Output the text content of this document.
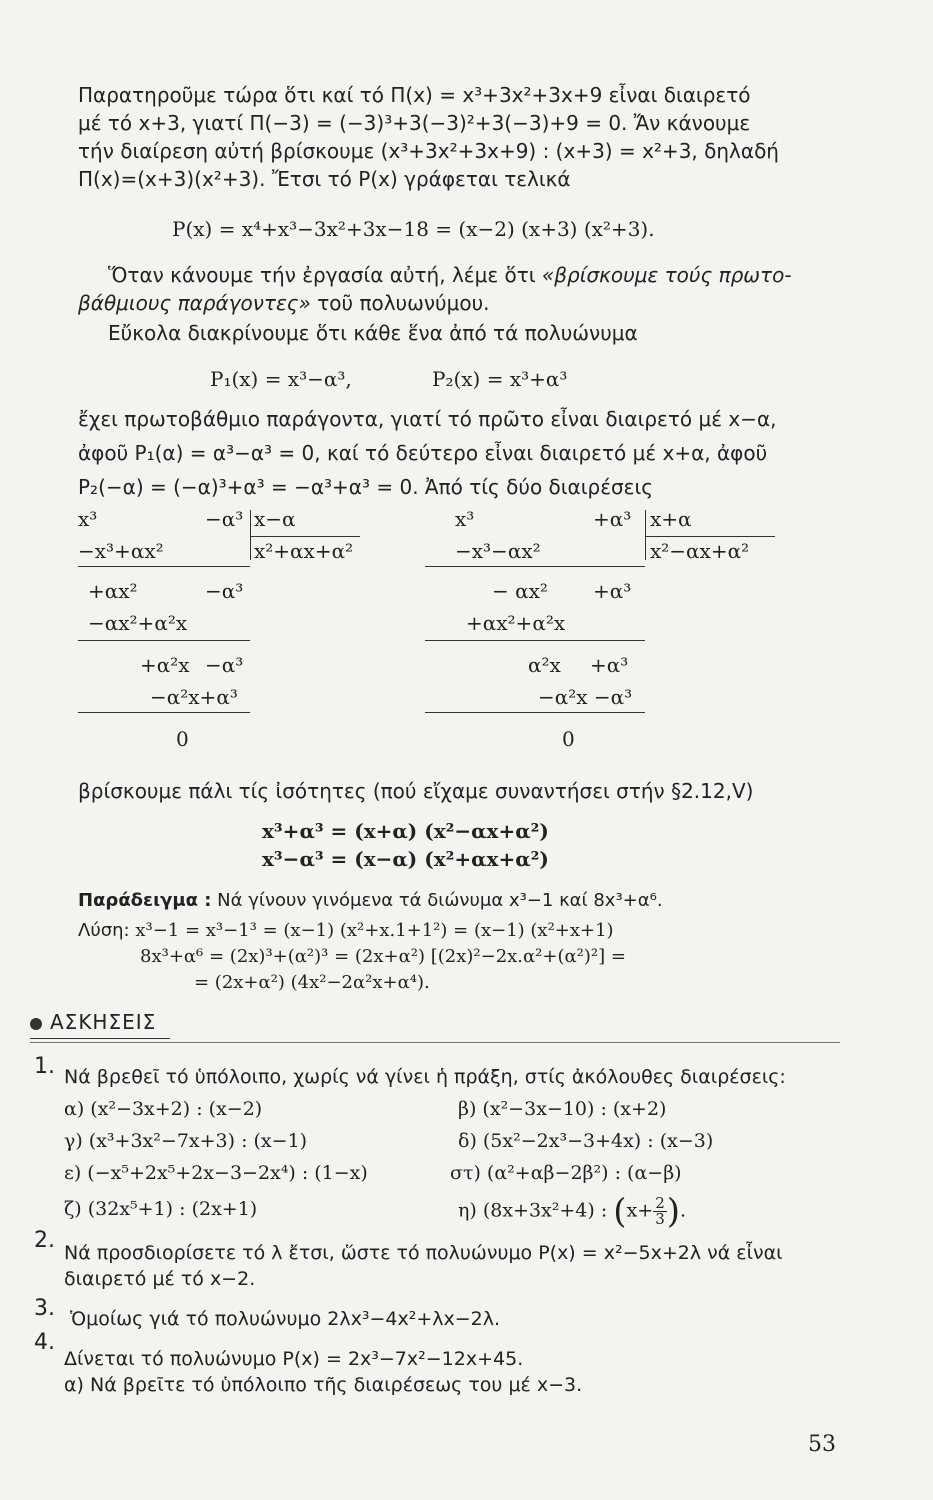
Παρατηροῦμε τώρα ὅτι καί τό Π(x) = x³+3x²+3x+9 εἶναι διαιρετό
μέ τό x+3, γιατί Π(−3) = (−3)³+3(−3)²+3(−3)+9 = 0. Ἄν κάνουμε
τήν διαίρεση αὐτή βρίσκουμε (x³+3x²+3x+9) : (x+3) = x²+3, δηλαδή
Π(x)=(x+3)(x²+3). Ἔτσι τό P(x) γράφεται τελικά
P(x) = x⁴+x³−3x²+3x−18 = (x−2) (x+3) (x²+3).
Ὅταν κάνουμε τήν ἐργασία αὐτή, λέμε ὅτι «βρίσκουμε τούς πρωτο-
βάθμιους παράγοντες» τοῦ πολυωνύμου.
Εὔκολα διακρίνουμε ὅτι κάθε ἕνα ἀπό τά πολυώνυμα
P₁(x) = x³−α³,	P₂(x) = x³+α³
ἔχει πρωτοβάθμιο παράγοντα, γιατί τό πρῶτο εἶναι διαιρετό μέ x−α,
ἀφοῦ P₁(α) = α³−α³ = 0, καί τό δεύτερο εἶναι διαιρετό μέ x+α, ἀφοῦ
P₂(−α) = (−α)³+α³ = −α³+α³ = 0. Ἀπό τίς δύο διαιρέσεις
x³	−α³ x−α
−x³+αx²	x²+αx+α²
+αx²	−α³
−αx²+α²x
+α²x −α³
−α²x+α³
0
x³	+α³ x+α
−x³−αx²	x²−αx+α²
− αx² +α³
+αx²+α²x
α²x +α³
−α²x −α³
0
βρίσκουμε πάλι τίς ἰσότητες (πού εἴχαμε συναντήσει στήν §2.12,V)
x³+α³ = (x+α) (x²−αx+α²)
x³−α³ = (x−α) (x²+αx+α²)
Παράδειγμα : Νά γίνουν γινόμενα τά διώνυμα x³−1 καί 8x³+α⁶.
Λύση: x³−1 = x³−1³ = (x−1) (x²+x.1+1²) = (x−1) (x²+x+1)
8x³+α⁶ = (2x)³+(α²)³ = (2x+α²) [(2x)²−2x.α²+(α²)²] =
= (2x+α²) (4x²−2α²x+α⁴).
ΑΣΚΗΣΕΙΣ
1. Νά βρεθεῖ τό ὑπόλοιπο, χωρίς νά γίνει ἡ πράξη, στίς ἀκόλουθες διαιρέσεις:
α) (x²−3x+2) : (x−2)	β) (x²−3x−10) : (x+2)
γ) (x³+3x²−7x+3) : (x−1)	δ) (5x²−2x³−3+4x) : (x−3)
ε) (−x⁵+2x⁵+2x−3−2x⁴) : (1−x)	στ) (α²+αβ−2β²) : (α−β)
ζ) (32x⁵+1) : (2x+1)	η) (8x+3x²+4) : ($x+ \frac{2}{3}$ ).
2. Νά προσδιορίσετε τό λ ἔτσι, ὥστε τό πολυώνυμο P(x) = x²−5x+2λ νά εἶναι
διαιρετό μέ τό x−2.
3. Ὁμοίως γιά τό πολυώνυμο 2λx³−4x²+λx−2λ.
4.
Δίνεται τό πολυώνυμο P(x) = 2x³−7x²−12x+45.
α) Νά βρεῖτε τό ὑπόλοιπο τῆς διαιρέσεως του μέ x−3.
53
